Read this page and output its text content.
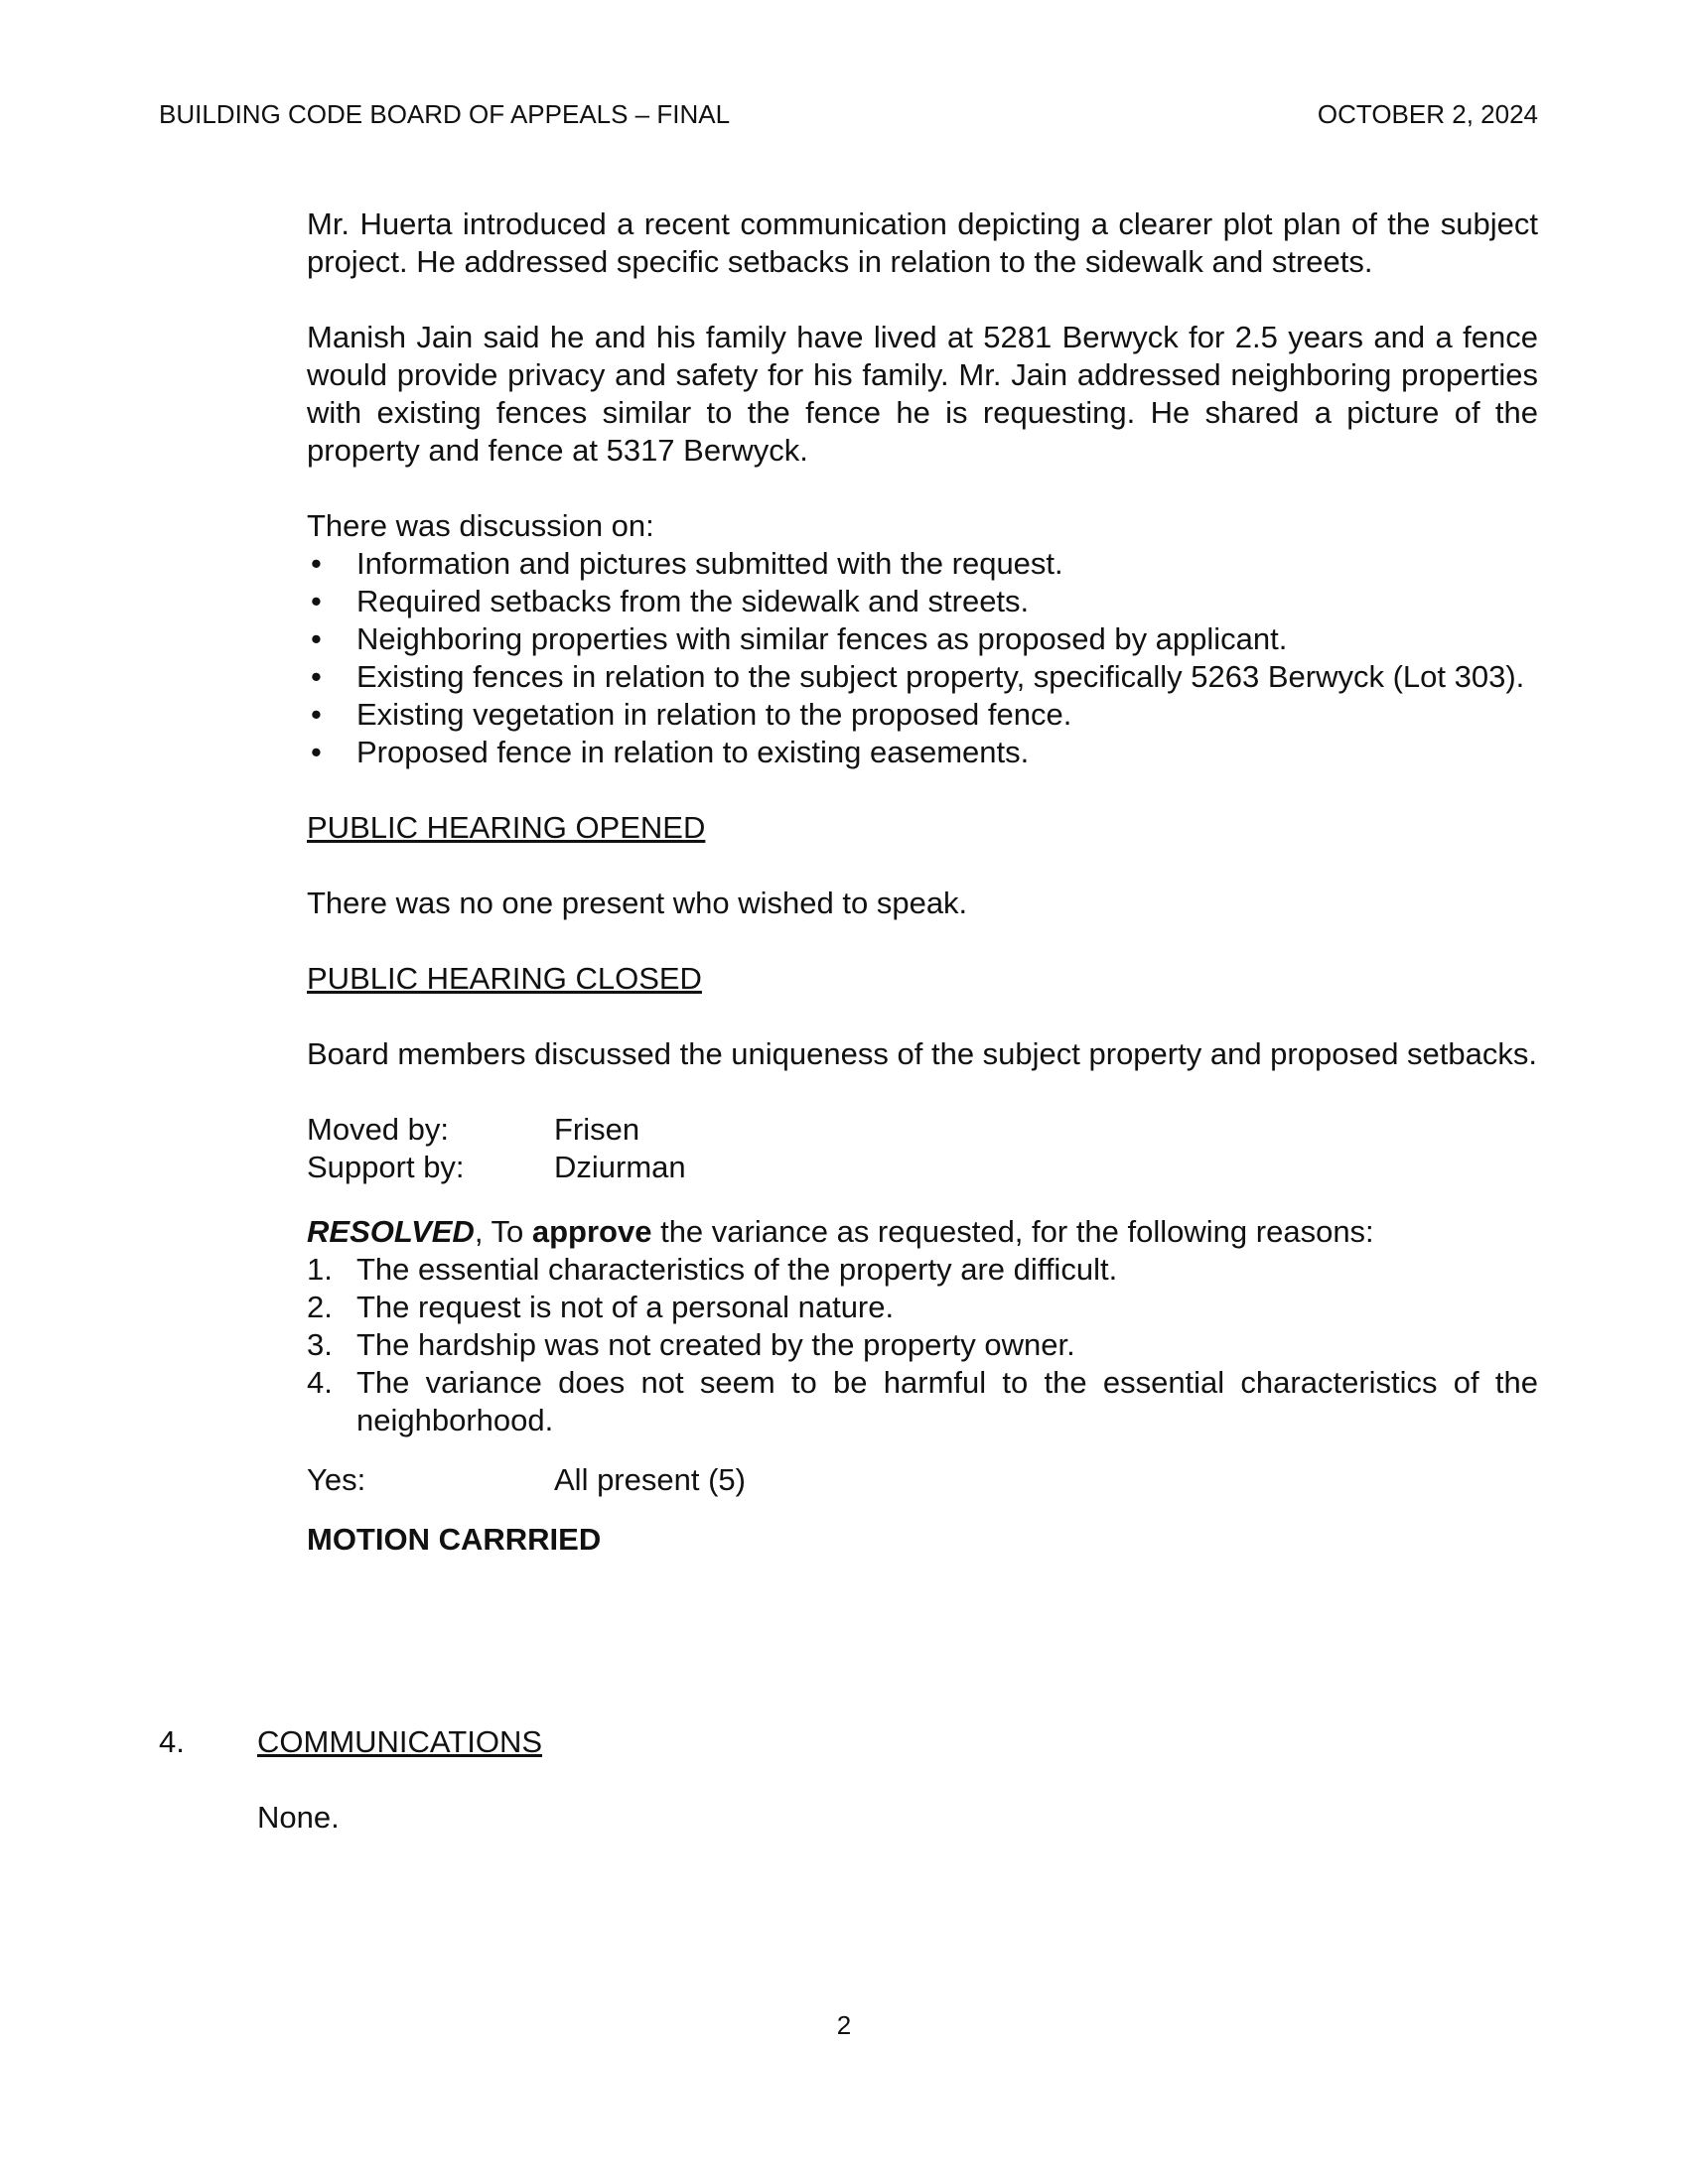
BUILDING CODE BOARD OF APPEALS – FINAL	OCTOBER 2, 2024

Mr. Huerta introduced a recent communication depicting a clearer plot plan of the subject project. He addressed specific setbacks in relation to the sidewalk and streets.

Manish Jain said he and his family have lived at 5281 Berwyck for 2.5 years and a fence would provide privacy and safety for his family. Mr. Jain addressed neighboring properties with existing fences similar to the fence he is requesting. He shared a picture of the property and fence at 5317 Berwyck.

There was discussion on:

• Information and pictures submitted with the request.
• Required setbacks from the sidewalk and streets.
• Neighboring properties with similar fences as proposed by applicant.
• Existing fences in relation to the subject property, specifically 5263 Berwyck (Lot 303).
• Existing vegetation in relation to the proposed fence.
• Proposed fence in relation to existing easements.

PUBLIC HEARING OPENED

There was no one present who wished to speak.

PUBLIC HEARING CLOSED

Board members discussed the uniqueness of the subject property and proposed setbacks.

Moved by:	Frisen
Support by:	Dziurman

RESOLVED, To approve the variance as requested, for the following reasons:

1. The essential characteristics of the property are difficult.
2. The request is not of a personal nature.
3. The hardship was not created by the property owner.
4. The variance does not seem to be harmful to the essential characteristics of the neighborhood.
Yes:	All present (5)

MOTION CARRRIED

4. COMMUNICATIONS
None.
2
